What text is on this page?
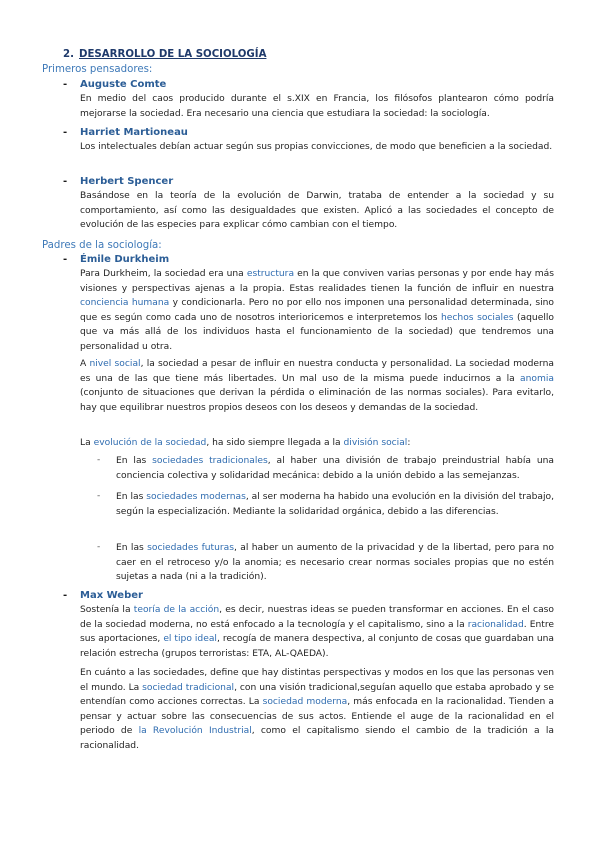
2. DESARROLLO DE LA SOCIOLOGÍA
Primeros pensadores:
- Auguste Comte
En medio del caos producido durante el s.XIX en Francia, los filósofos plantearon cómo podría mejorarse la sociedad. Era necesario una ciencia que estudiara la sociedad: la sociología.
- Harriet Martioneau
Los intelectuales debían actuar según sus propias convicciones, de modo que beneficien a la sociedad.
- Herbert Spencer
Basándose en la teoría de la evolución de Darwin, trataba de entender a la sociedad y su comportamiento, así como las desigualdades que existen. Aplicó a las sociedades el concepto de evolución de las especies para explicar cómo cambian con el tiempo.
Padres de la sociología:
- Émile Durkheim
Para Durkheim, la sociedad era una estructura en la que conviven varias personas y por ende hay más visiones y perspectivas ajenas a la propia. Estas realidades tienen la función de influir en nuestra conciencia humana y condicionarla. Pero no por ello nos imponen una personalidad determinada, sino que es según como cada uno de nosotros interioricemos e interpretemos los hechos sociales (aquello que va más allá de los individuos hasta el funcionamiento de la sociedad) que tendremos una personalidad u otra.
A nivel social, la sociedad a pesar de influir en nuestra conducta y personalidad. La sociedad moderna es una de las que tiene más libertades. Un mal uso de la misma puede inducirnos a la anomia (conjunto de situaciones que derivan la pérdida o eliminación de las normas sociales). Para evitarlo, hay que equilibrar nuestros propios deseos con los deseos y demandas de la sociedad.
La evolución de la sociedad, ha sido siempre llegada a la división social:
- En las sociedades tradicionales, al haber una división de trabajo preindustrial había una conciencia colectiva y solidaridad mecánica: debido a la unión debido a las semejanzas.
- En las sociedades modernas, al ser moderna ha habido una evolución en la división del trabajo, según la especialización. Mediante la solidaridad orgánica, debido a las diferencias.
- En las sociedades futuras, al haber un aumento de la privacidad y de la libertad, pero para no caer en el retroceso y/o la anomia; es necesario crear normas sociales propias que no estén sujetas a nada (ni a la tradición).
- Max Weber
Sostenía la teoría de la acción, es decir, nuestras ideas se pueden transformar en acciones. En el caso de la sociedad moderna, no está enfocado a la tecnología y el capitalismo, sino a la racionalidad. Entre sus aportaciones, el tipo ideal, recogía de manera despectiva, al conjunto de cosas que guardaban una relación estrecha (grupos terroristas: ETA, AL-QAEDA).
En cuánto a las sociedades, define que hay distintas perspectivas y modos en los que las personas ven el mundo. La sociedad tradicional, con una visión tradicional,seguían aquello que estaba aprobado y se entendían como acciones correctas. La sociedad moderna, más enfocada en la racionalidad. Tienden a pensar y actuar sobre las consecuencias de sus actos. Entiende el auge de la racionalidad en el periodo de la Revolución Industrial, como el capitalismo siendo el cambio de la tradición a la racionalidad.
